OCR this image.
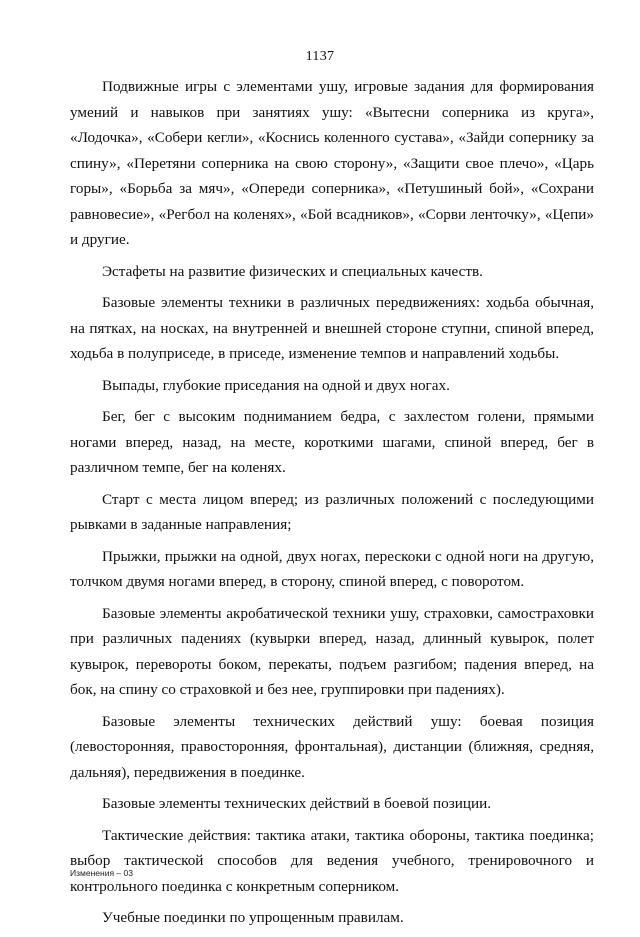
1137

Подвижные игры с элементами ушу, игровые задания для формирования умений и навыков при занятиях ушу: «Вытесни соперника из круга», «Лодочка», «Собери кегли», «Коснись коленного сустава», «Зайди сопернику за спину», «Перетяни соперника на свою сторону», «Защити свое плечо», «Царь горы», «Борьба за мяч», «Опереди соперника», «Петушиный бой», «Сохрани равновесие», «Регбол на коленях», «Бой всадников», «Сорви ленточку», «Цепи» и другие.

Эстафеты на развитие физических и специальных качеств.

Базовые элементы техники в различных передвижениях: ходьба обычная, на пятках, на носках, на внутренней и внешней стороне ступни, спиной вперед, ходьба в полуприседе, в приседе, изменение темпов и направлений ходьбы.

Выпады, глубокие приседания на одной и двух ногах.

Бег, бег с высоким подниманием бедра, с захлестом голени, прямыми ногами вперед, назад, на месте, короткими шагами, спиной вперед, бег в различном темпе, бег на коленях.

Старт с места лицом вперед; из различных положений с последующими рывками в заданные направления;

Прыжки, прыжки на одной, двух ногах, перескоки с одной ноги на другую, толчком двумя ногами вперед, в сторону, спиной вперед, с поворотом.

Базовые элементы акробатической техники ушу, страховки, самостраховки при различных падениях (кувырки вперед, назад, длинный кувырок, полет кувырок, перевороты боком, перекаты, подъем разгибом; падения вперед, на бок, на спину со страховкой и без нее, группировки при падениях).

Базовые элементы технических действий ушу: боевая позиция (левосторонняя, правосторонняя, фронтальная), дистанции (ближняя, средняя, дальняя), передвижения в поединке.

Базовые элементы технических действий в боевой позиции.

Тактические действия: тактика атаки, тактика обороны, тактика поединка; выбор тактической способов для ведения учебного, тренировочного и контрольного поединка с конкретным соперником.

Учебные поединки по упрощенным правилам.

Изменения – 03
